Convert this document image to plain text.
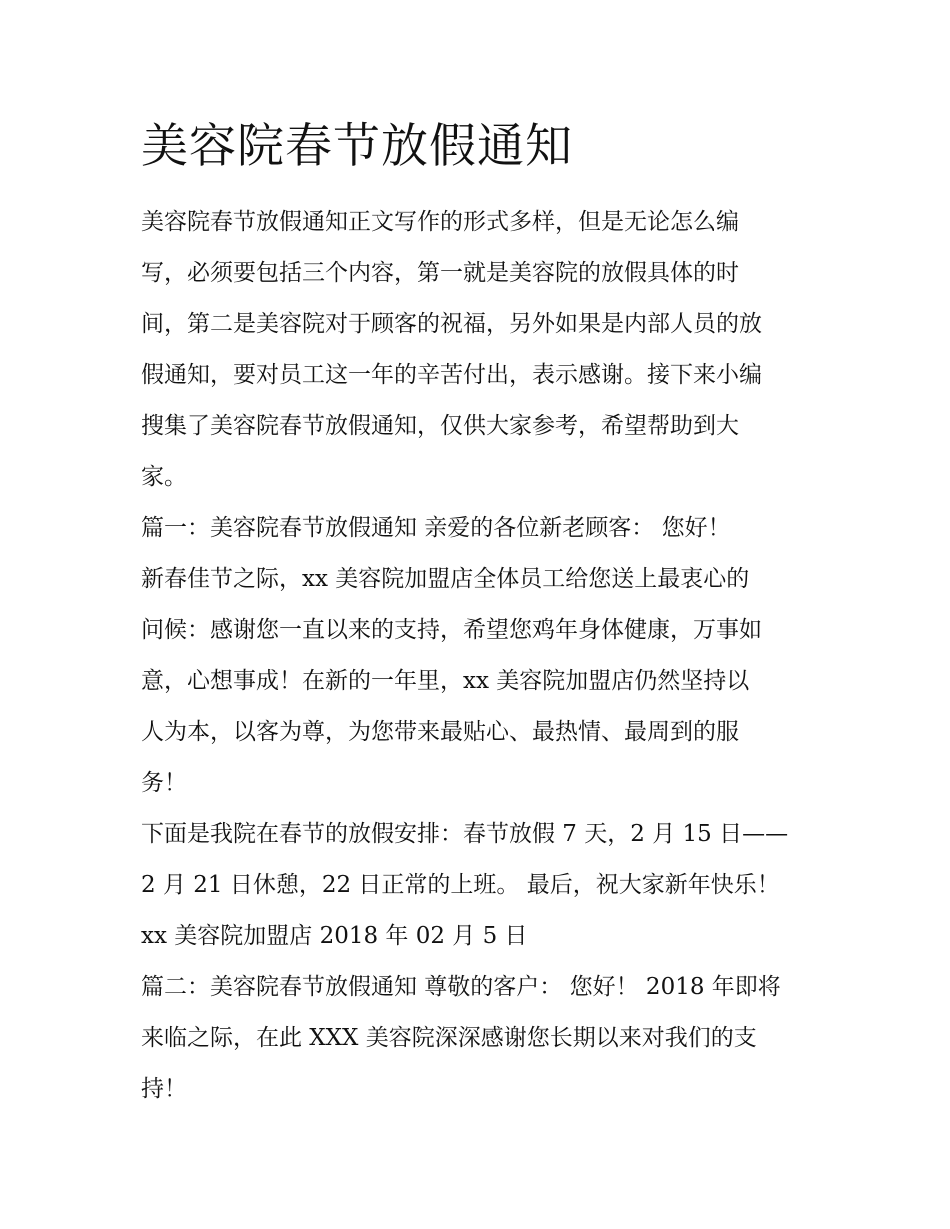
美容院春节放假通知

美容院春节放假通知正文写作的形式多样，但是无论怎么编
写，必须要包括三个内容，第一就是美容院的放假具体的时
间，第二是美容院对于顾客的祝福，另外如果是内部人员的放
假通知，要对员工这一年的辛苦付出，表示感谢。接下来小编
搜集了美容院春节放假通知，仅供大家参考，希望帮助到大
家。

篇一：美容院春节放假通知 亲爱的各位新老顾客： 您好！

新春佳节之际，xx 美容院加盟店全体员工给您送上最衷心的
问候：感谢您一直以来的支持，希望您鸡年身体健康，万事如
意，心想事成！在新的一年里，xx 美容院加盟店仍然坚持以
人为本，以客为尊，为您带来最贴心、最热情、最周到的服
务！

下面是我院在春节的放假安排：春节放假 7 天，2 月 15 日——
2 月 21 日休憩，22 日正常的上班。 最后，祝大家新年快乐！

xx 美容院加盟店 2018 年 02 月 5 日

篇二：美容院春节放假通知 尊敬的客户： 您好！ 2018 年即将
来临之际，在此 XXX 美容院深深感谢您长期以来对我们的支
持！
